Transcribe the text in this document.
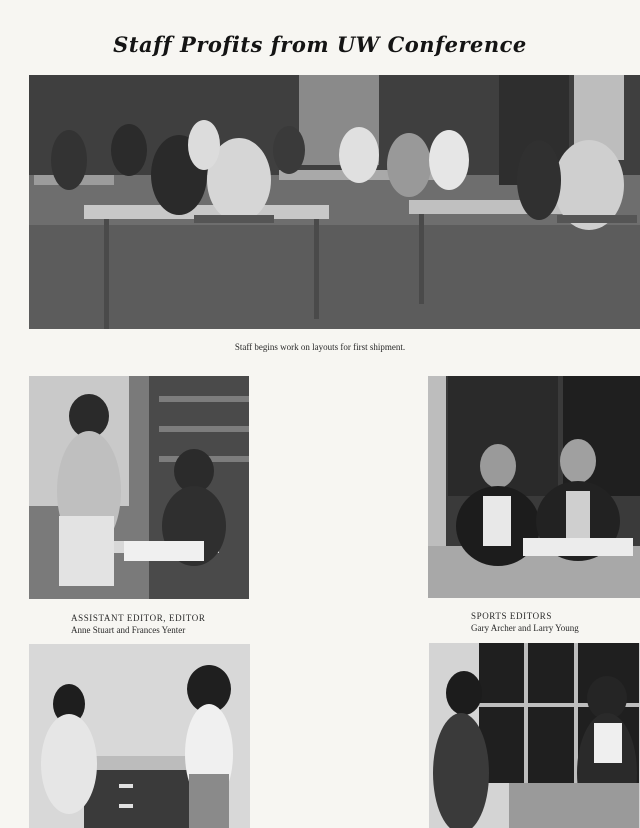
Staff Profits from UW Conference
Staff begins work on layouts for first shipment.
ASSISTANT EDITOR, EDITOR
Anne Stuart and Frances Yenter
SPORTS EDITORS
Gary Archer and Larry Young
